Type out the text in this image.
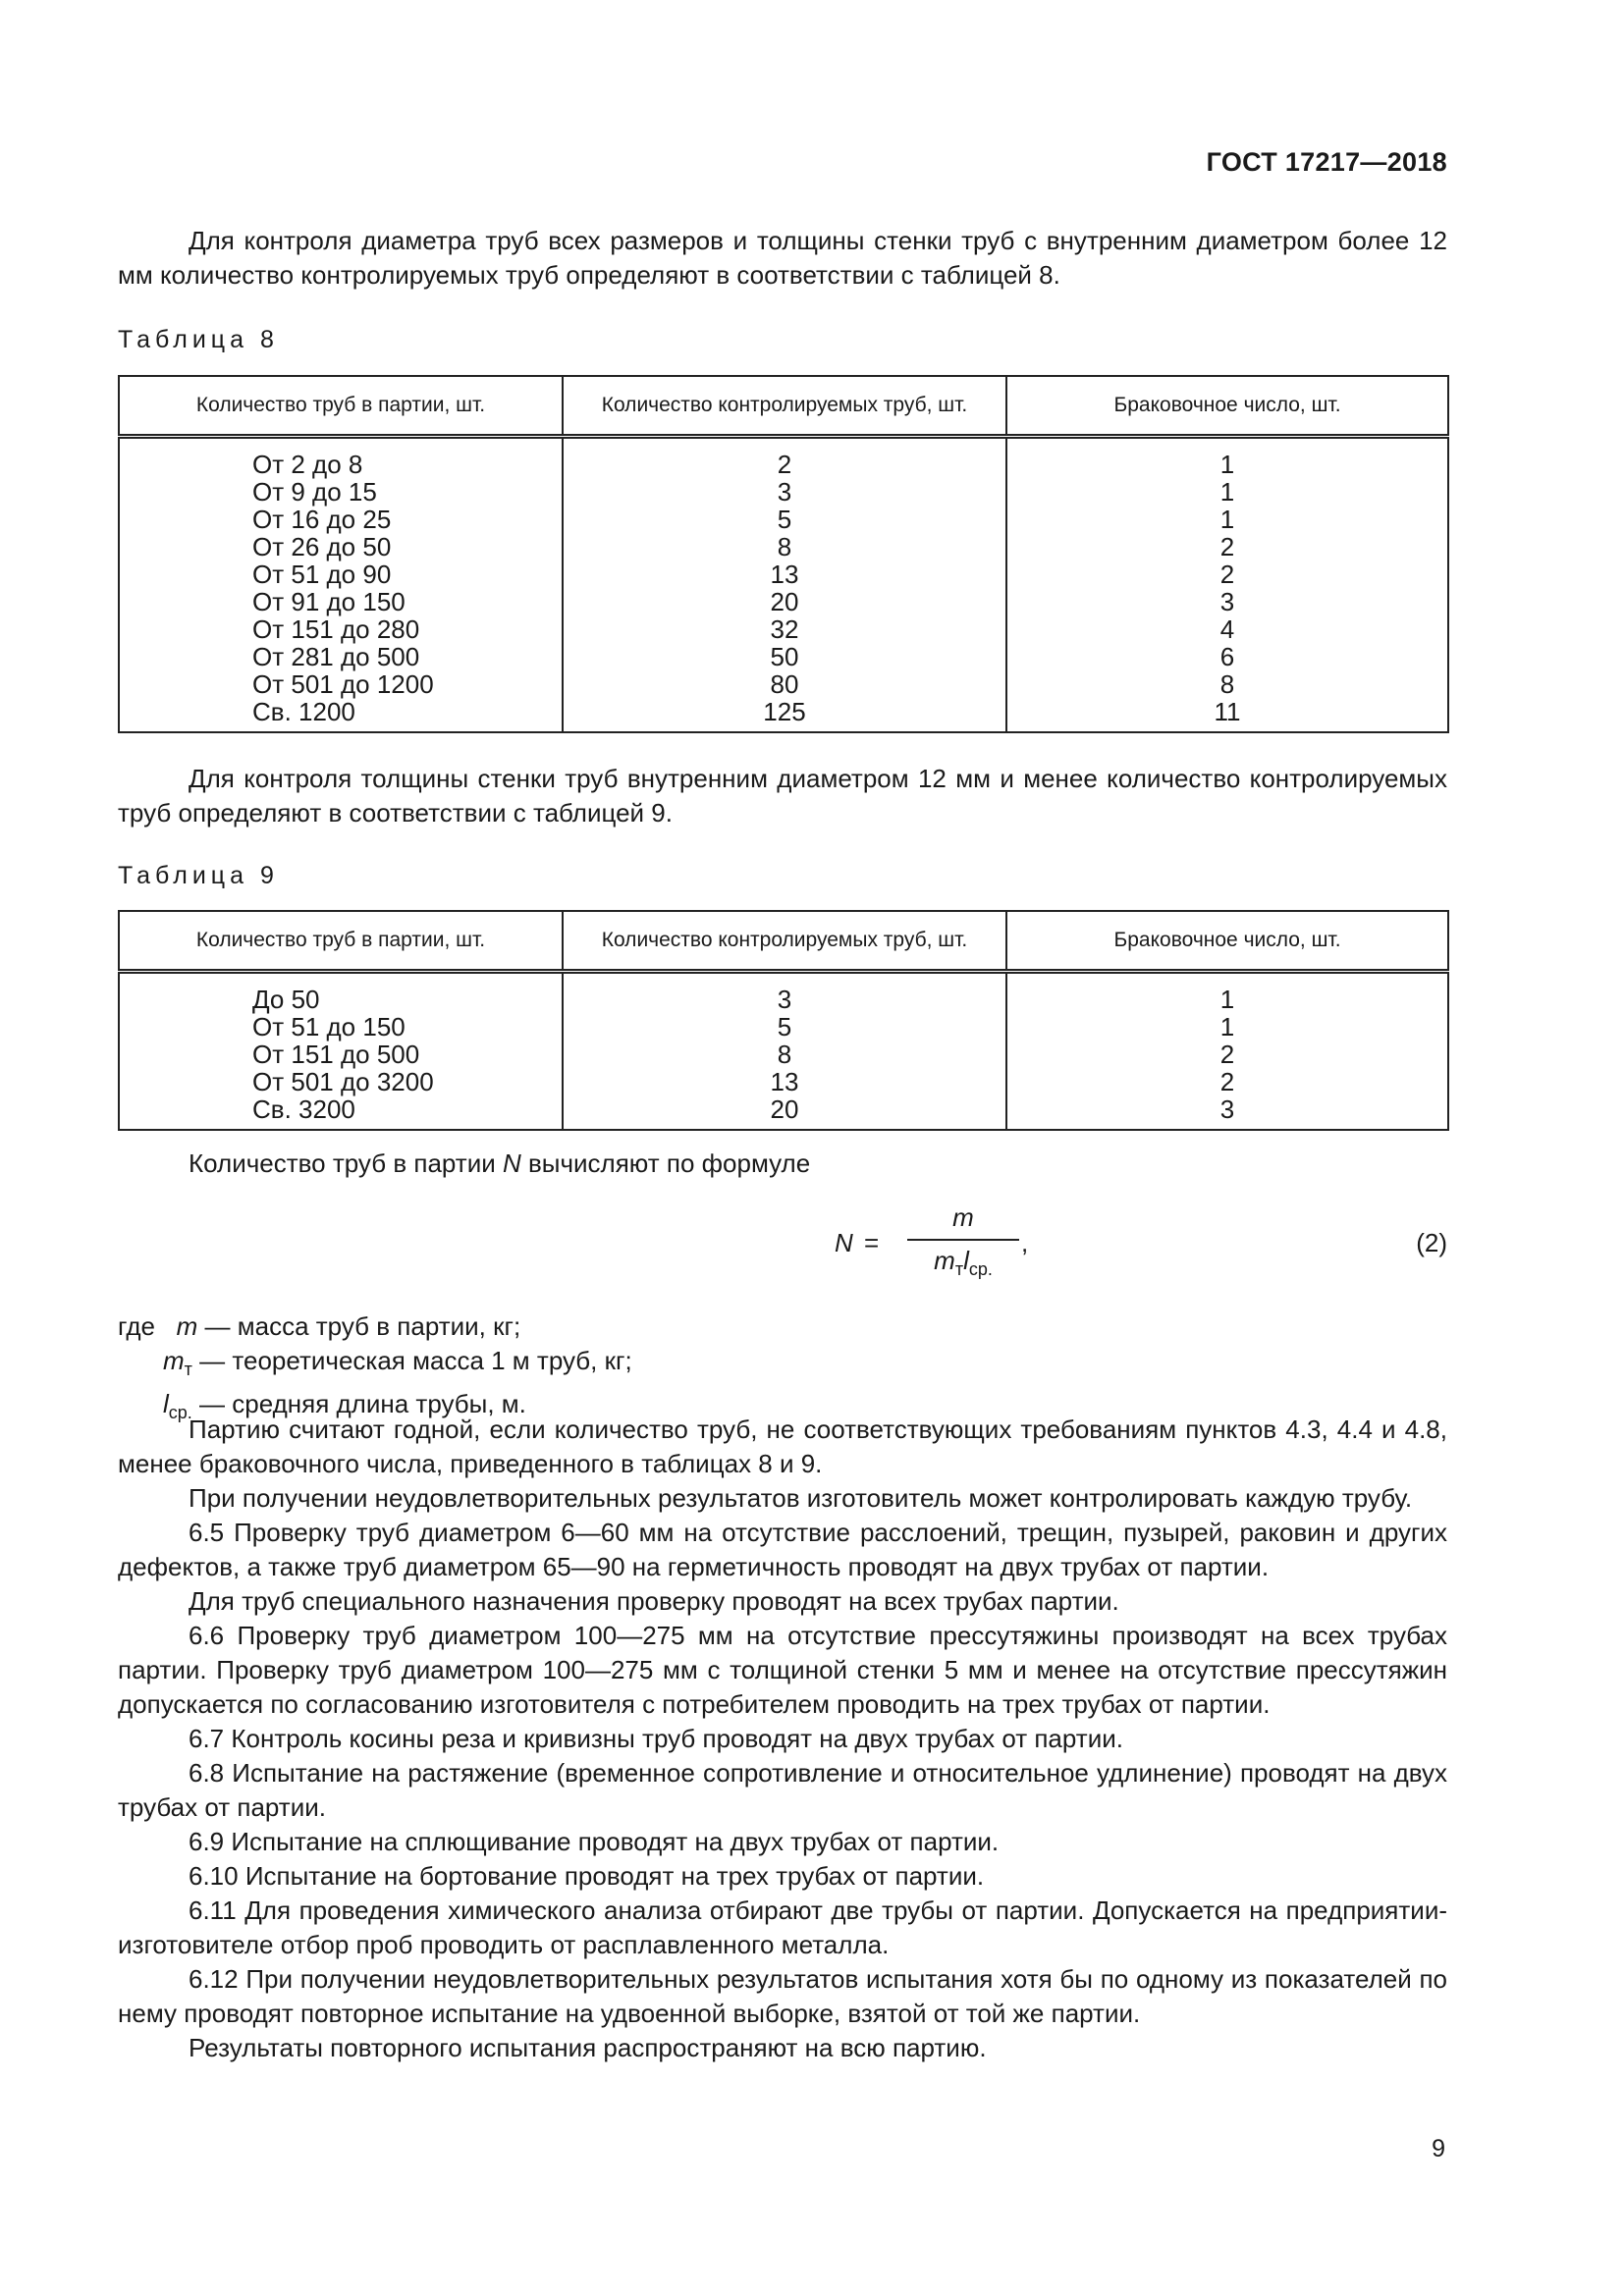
ГОСТ 17217—2018
Для контроля диаметра труб всех размеров и толщины стенки труб с внутренним диаметром более 12 мм количество контролируемых труб определяют в соответствии с таблицей 8.
Таблица 8
Количество труб в партии, шт.	Количество контролируемых труб, шт.	Браковочное число, шт.
От 2 до 8	2	1
От 9 до 15	3	1
От 16 до 25	5	1
От 26 до 50	8	2
От 51 до 90	13	2
От 91 до 150	20	3
От 151 до 280	32	4
От 281 до 500	50	6
От 501 до 1200	80	8
Св. 1200	125	11
Для контроля толщины стенки труб внутренним диаметром 12 мм и менее количество контролируемых труб определяют в соответствии с таблицей 9.
Таблица 9
Количество труб в партии, шт.	Количество контролируемых труб, шт.	Браковочное число, шт.
До 50	3	1
От 51 до 150	5	1
От 151 до 500	8	2
От 501 до 3200	13	2
Св. 3200	20	3
Количество труб в партии N вычисляют по формуле
N =
m
$m_тl_{ср.}$
,	(2)
где m — масса труб в партии, кг;
$m_т$ — теоретическая масса 1 м труб, кг;
$l_{ср.}$ — средняя длина трубы, м.
Партию считают годной, если количество труб, не соответствующих требованиям пунктов 4.3, 4.4 и 4.8, менее браковочного числа, приведенного в таблицах 8 и 9.
При получении неудовлетворительных результатов изготовитель может контролировать каждую трубу.
6.5 Проверку труб диаметром 6—60 мм на отсутствие расслоений, трещин, пузырей, раковин и других дефектов, а также труб диаметром 65—90 на герметичность проводят на двух трубах от партии.
Для труб специального назначения проверку проводят на всех трубах партии.
6.6 Проверку труб диаметром 100—275 мм на отсутствие прессутяжины производят на всех трубах партии. Проверку труб диаметром 100—275 мм с толщиной стенки 5 мм и менее на отсутствие прессутяжин допускается по согласованию изготовителя с потребителем проводить на трех трубах от партии.
6.7 Контроль косины реза и кривизны труб проводят на двух трубах от партии.
6.8 Испытание на растяжение (временное сопротивление и относительное удлинение) проводят на двух трубах от партии.
6.9 Испытание на сплющивание проводят на двух трубах от партии.
6.10 Испытание на бортование проводят на трех трубах от партии.
6.11 Для проведения химического анализа отбирают две трубы от партии. Допускается на предприятии-изготовителе отбор проб проводить от расплавленного металла.
6.12 При получении неудовлетворительных результатов испытания хотя бы по одному из показателей по нему проводят повторное испытание на удвоенной выборке, взятой от той же партии.
Результаты повторного испытания распространяют на всю партию.
9
